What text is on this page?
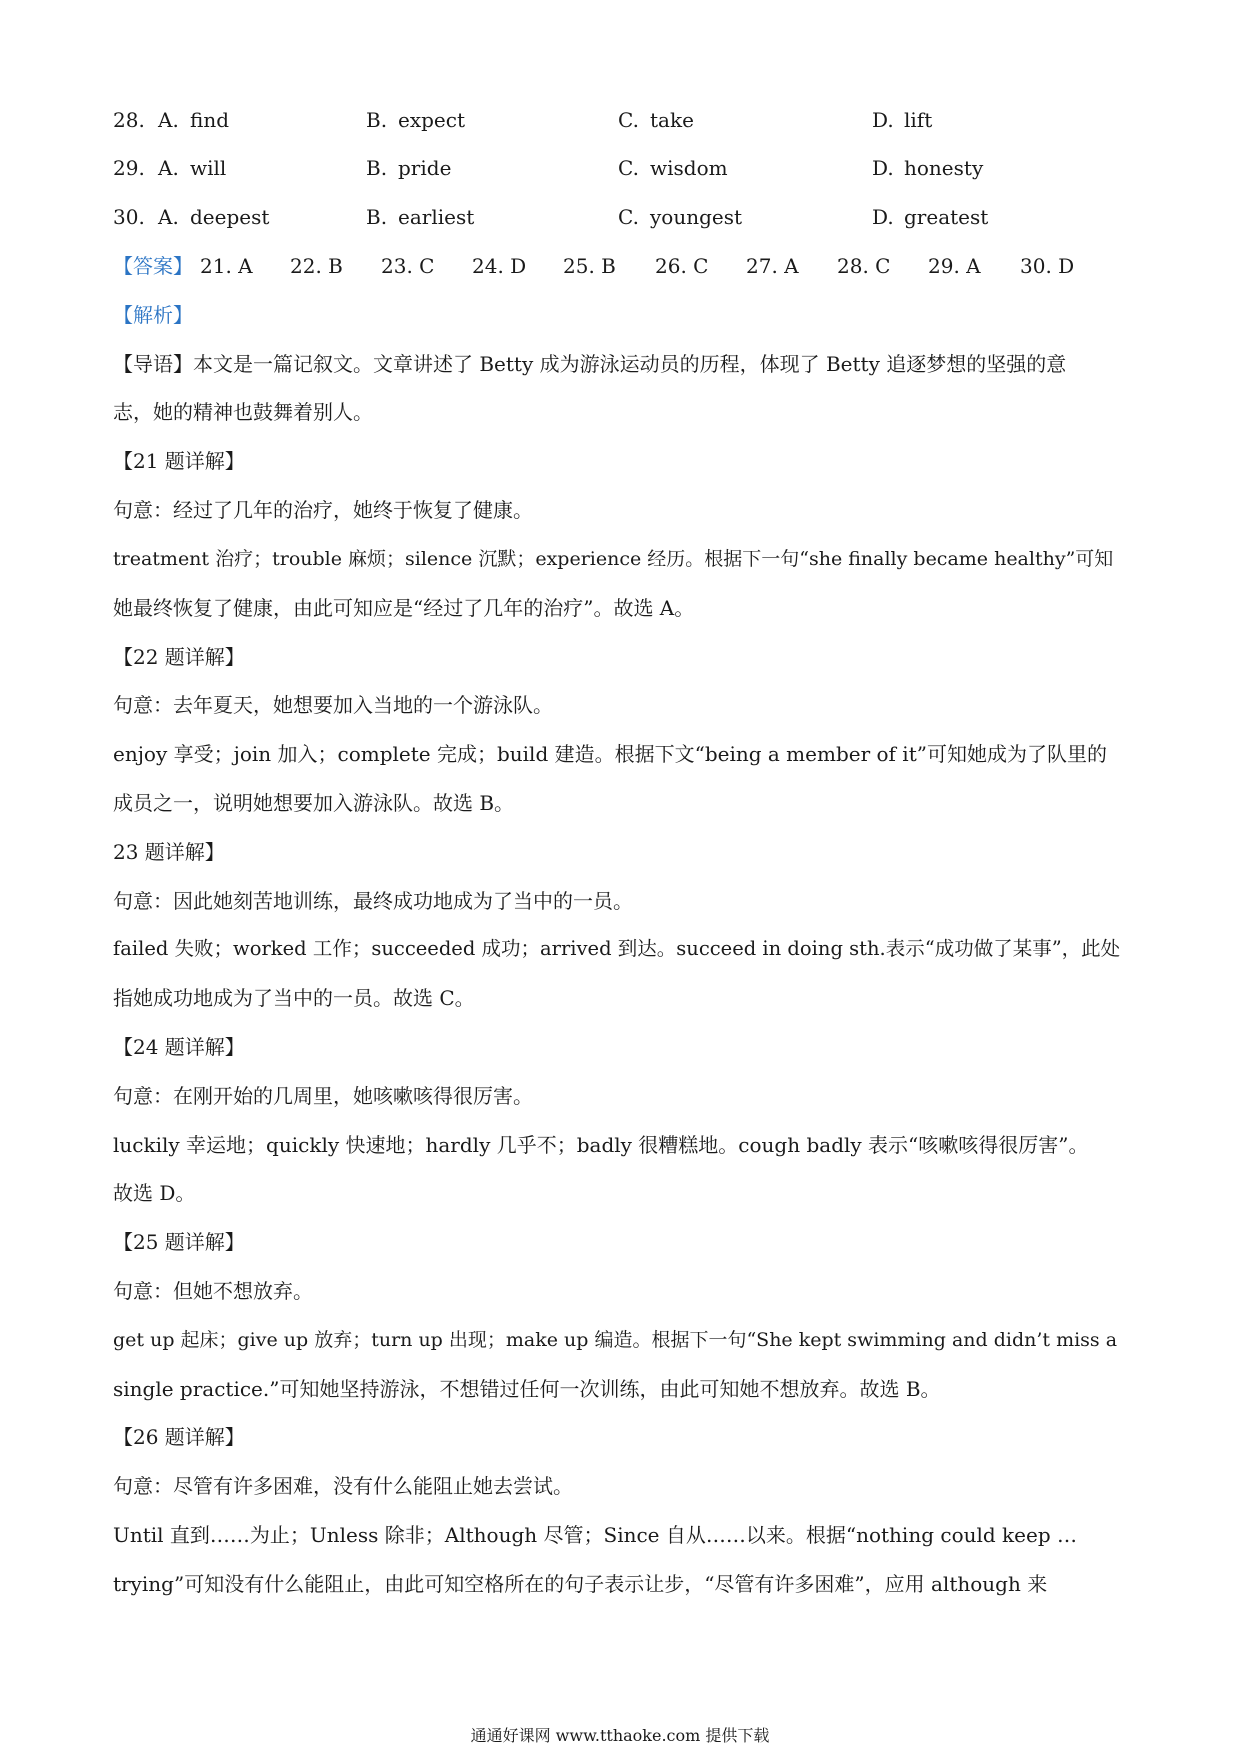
28. A. find	B. expect	C. take	D. lift
29. A. will	B. pride	C. wisdom	D. honesty
30. A. deepest	B. earliest	C. youngest	D. greatest
【答案】 21. A 22. B 23. C 24. D 25. B 26. C 27. A 28. C 29. A 30. D
【解析】
【导语】本文是一篇记叙文。文章讲述了 Betty 成为游泳运动员的历程，体现了 Betty 追逐梦想的坚强的意
志，她的精神也鼓舞着别人。
【21 题详解】
句意：经过了几年的治疗，她终于恢复了健康。
treatment 治疗；trouble 麻烦；silence 沉默；experience 经历。根据下一句“she finally became healthy”可知
她最终恢复了健康，由此可知应是“经过了几年的治疗”。故选 A。
【22 题详解】
句意：去年夏天，她想要加入当地的一个游泳队。
enjoy 享受；join 加入；complete 完成；build 建造。根据下文“being a member of it”可知她成为了队里的
成员之一，说明她想要加入游泳队。故选 B。
23 题详解】
句意：因此她刻苦地训练，最终成功地成为了当中的一员。
failed 失败；worked 工作；succeeded 成功；arrived 到达。succeed in doing sth.表示“成功做了某事”，此处
指她成功地成为了当中的一员。故选 C。
【24 题详解】
句意：在刚开始的几周里，她咳嗽咳得很厉害。
luckily 幸运地；quickly 快速地；hardly 几乎不；badly 很糟糕地。cough badly 表示“咳嗽咳得很厉害”。
故选 D。
【25 题详解】
句意：但她不想放弃。
get up 起床；give up 放弃；turn up 出现；make up 编造。根据下一句“She kept swimming and didn’t miss a
single practice.”可知她坚持游泳，不想错过任何一次训练，由此可知她不想放弃。故选 B。
【26 题详解】
句意：尽管有许多困难，没有什么能阻止她去尝试。
Until 直到……为止；Unless 除非；Although 尽管；Since 自从……以来。根据“nothing could keep …
trying”可知没有什么能阻止，由此可知空格所在的句子表示让步，“尽管有许多困难”，应用 although 来
通通好课网 www.tthaoke.com 提供下载
